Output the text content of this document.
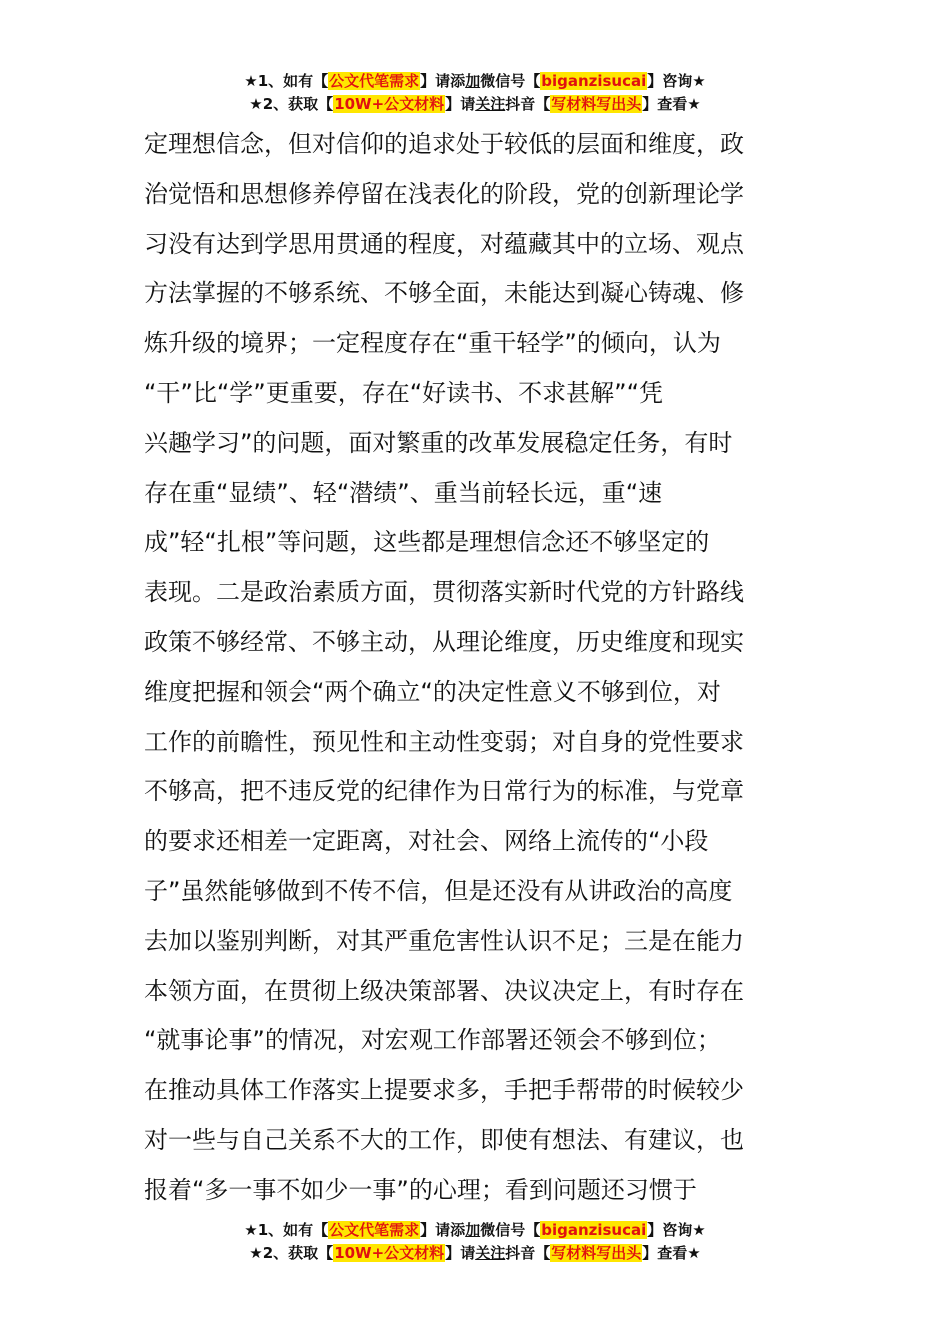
★1、如有【公文代笔需求】请添加微信号【biganzisucai】咨询★
★2、获取【10W+公文材料】请关注抖音【写材料写出头】查看★
定理想信念，但对信仰的追求处于较低的层面和维度，政
治觉悟和思想修养停留在浅表化的阶段，党的创新理论学
习没有达到学思用贯通的程度，对蕴藏其中的立场、观点
方法掌握的不够系统、不够全面，未能达到凝心铸魂、修
炼升级的境界；一定程度存在“重干轻学”的倾向，认为
“干”比“学”更重要，存在“好读书、不求甚解”“凭
兴趣学习”的问题，面对繁重的改革发展稳定任务，有时
存在重“显绩”、轻“潜绩”、重当前轻长远，重“速
成”轻“扎根”等问题，这些都是理想信念还不够坚定的
表现。二是政治素质方面，贯彻落实新时代党的方针路线
政策不够经常、不够主动，从理论维度，历史维度和现实
维度把握和领会“两个确立“的决定性意义不够到位，对
工作的前瞻性，预见性和主动性变弱；对自身的党性要求
不够高，把不违反党的纪律作为日常行为的标准，与党章
的要求还相差一定距离，对社会、网络上流传的“小段
子”虽然能够做到不传不信，但是还没有从讲政治的高度
去加以鉴别判断，对其严重危害性认识不足；三是在能力
本领方面，在贯彻上级决策部署、决议决定上，有时存在
“就事论事”的情况，对宏观工作部署还领会不够到位；
在推动具体工作落实上提要求多，手把手帮带的时候较少
对一些与自己关系不大的工作，即使有想法、有建议，也
报着“多一事不如少一事”的心理；看到问题还习惯于
★1、如有【公文代笔需求】请添加微信号【biganzisucai】咨询★
★2、获取【10W+公文材料】请关注抖音【写材料写出头】查看★
